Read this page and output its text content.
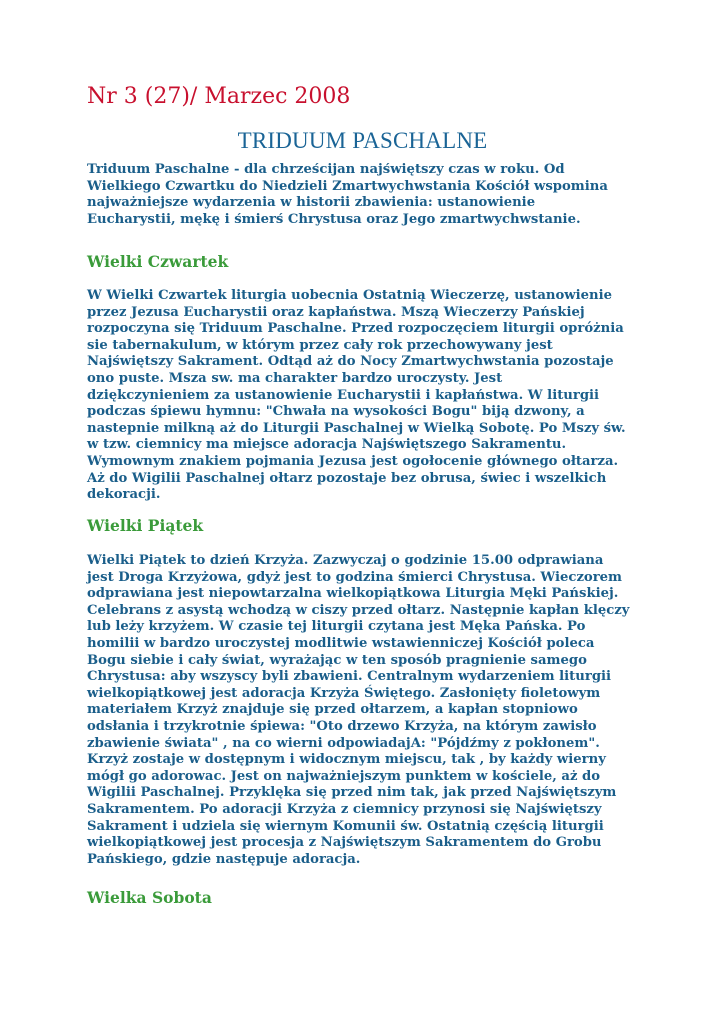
Nr 3 (27)/ Marzec 2008
TRIDUUM PASCHALNE

Triduum Paschalne - dla chrześcijan najświętszy czas w roku. Od
Wielkiego Czwartku do Niedzieli Zmartwychwstania Kościół wspomina
najważniejsze wydarzenia w historii zbawienia: ustanowienie
Eucharystii, mękę i śmierś Chrystusa oraz Jego zmartwychwstanie.

Wielki Czwartek

W Wielki Czwartek liturgia uobecnia Ostatnią Wieczerzę, ustanowienie
przez Jezusa Eucharystii oraz kapłaństwa. Mszą Wieczerzy Pańskiej
rozpoczyna się Triduum Paschalne. Przed rozpoczęciem liturgii opróżnia
sie tabernakulum, w którym przez cały rok przechowywany jest
Najświętszy Sakrament. Odtąd aż do Nocy Zmartwychwstania pozostaje
ono puste. Msza sw. ma charakter bardzo uroczysty. Jest
dziękczynieniem za ustanowienie Eucharystii i kapłaństwa. W liturgii
podczas śpiewu hymnu: "Chwała na wysokości Bogu" biją dzwony, a
nastepnie milkną aż do Liturgii Paschalnej w Wielką Sobotę. Po Mszy św.
w tzw. ciemnicy ma miejsce adoracja Najświętszego Sakramentu.
Wymownym znakiem pojmania Jezusa jest ogołocenie głównego ołtarza.
Aż do Wigilii Paschalnej ołtarz pozostaje bez obrusa, świec i wszelkich
dekoracji.

Wielki Piątek

Wielki Piątek to dzień Krzyża. Zazwyczaj o godzinie 15.00 odprawiana
jest Droga Krzyżowa, gdyż jest to godzina śmierci Chrystusa. Wieczorem
odprawiana jest niepowtarzalna wielkopiątkowa Liturgia Męki Pańskiej.
Celebrans z asystą wchodzą w ciszy przed ołtarz. Następnie kapłan klęczy
lub leży krzyżem. W czasie tej liturgii czytana jest Męka Pańska. Po
homilii w bardzo uroczystej modlitwie wstawienniczej Kościół poleca
Bogu siebie i cały świat, wyrażając w ten sposób pragnienie samego
Chrystusa: aby wszyscy byli zbawieni. Centralnym wydarzeniem liturgii
wielkopiątkowej jest adoracja Krzyża Świętego. Zasłonięty fioletowym
materiałem Krzyż znajduje się przed ołtarzem, a kapłan stopniowo
odsłania i trzykrotnie śpiewa: "Oto drzewo Krzyża, na którym zawisło
zbawienie świata" , na co wierni odpowiadajA: "Pójdźmy z pokłonem".
Krzyż zostaje w dostępnym i widocznym miejscu, tak , by każdy wierny
mógł go adorowac. Jest on najważniejszym punktem w kościele, aż do
Wigilii Paschalnej. Przyklęka się przed nim tak, jak przed Najświętszym
Sakramentem. Po adoracji Krzyża z ciemnicy przynosi się Najświętszy
Sakrament i udziela się wiernym Komunii św. Ostatnią częścią liturgii
wielkopiątkowej jest procesja z Najświętszym Sakramentem do Grobu
Pańskiego, gdzie następuje adoracja.

Wielka Sobota
